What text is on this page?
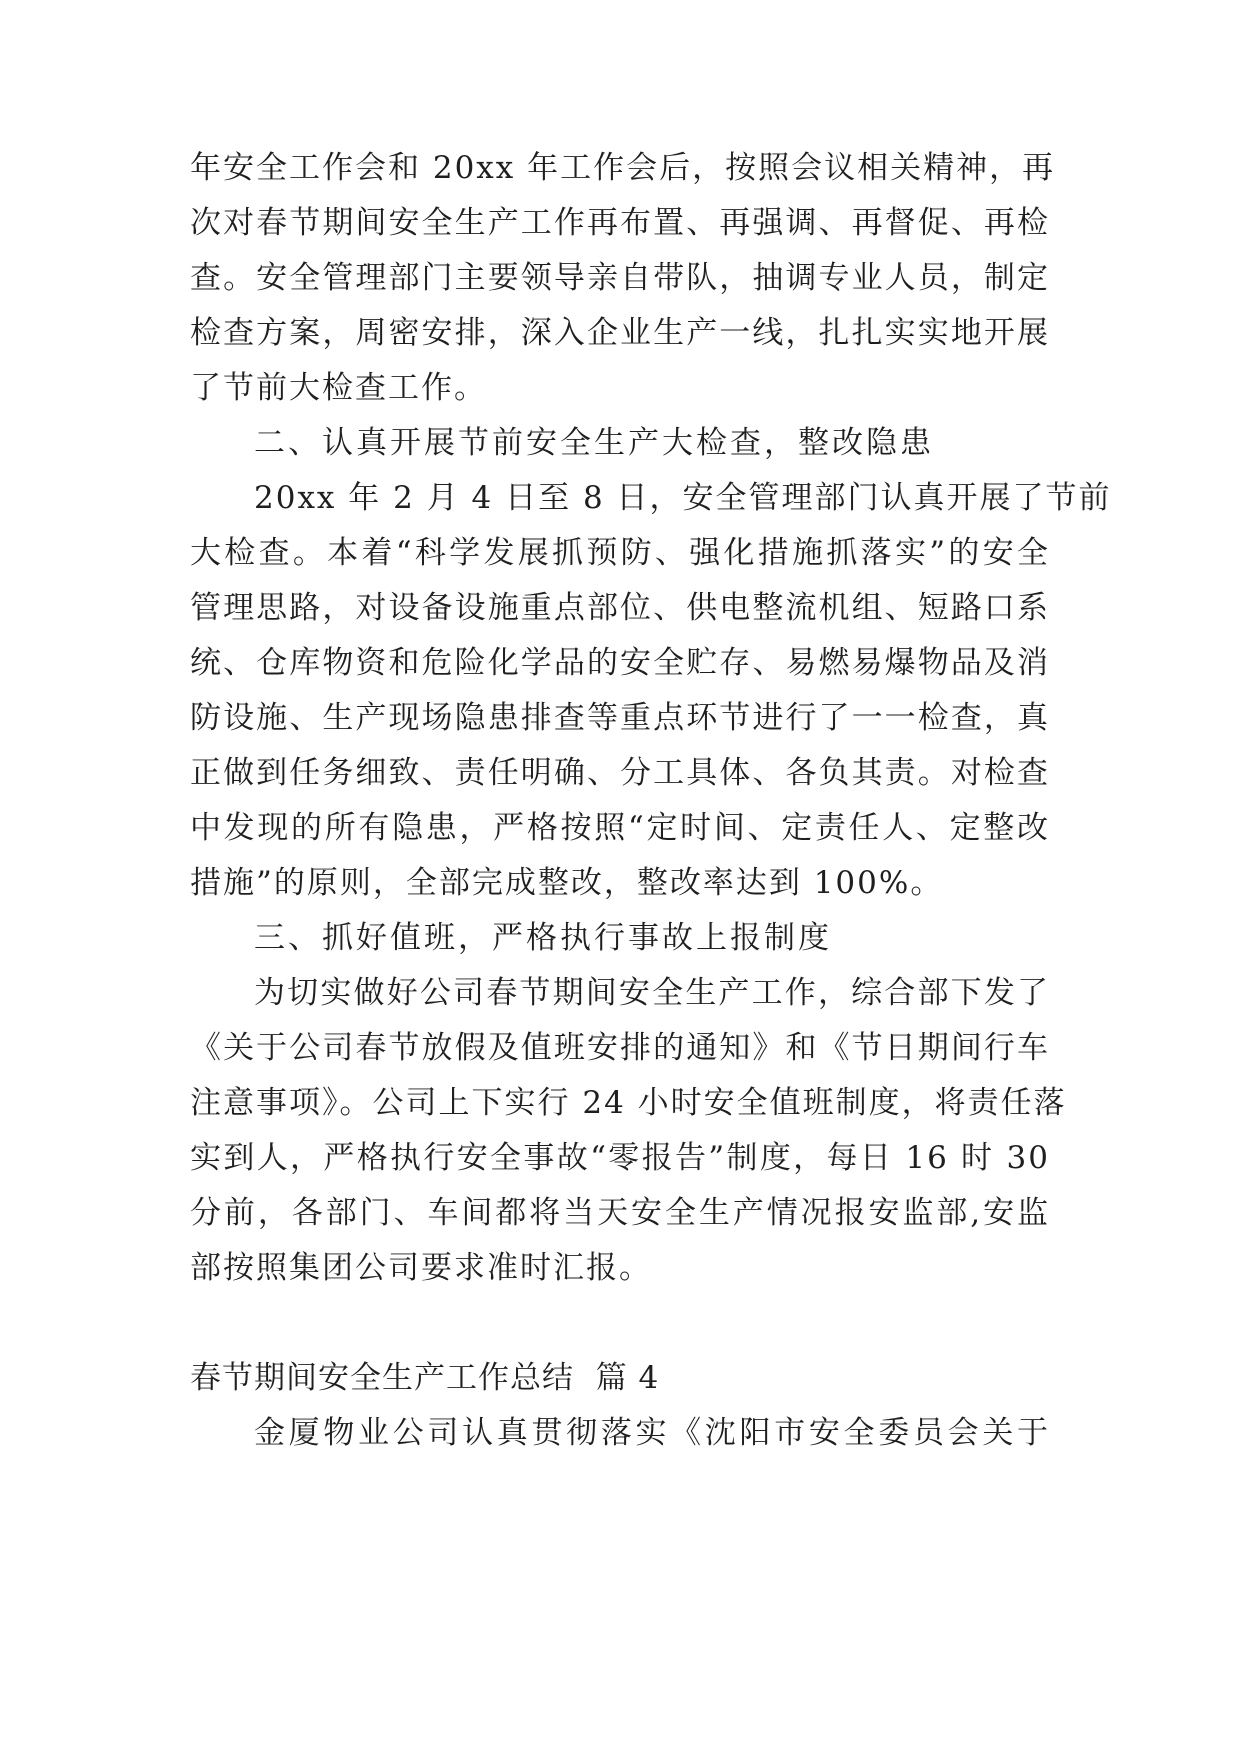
年安全工作会和 20xx 年工作会后，按照会议相关精神，再
次对春节期间安全生产工作再布置、再强调、再督促、再检
查。安全管理部门主要领导亲自带队，抽调专业人员，制定
检查方案，周密安排，深入企业生产一线，扎扎实实地开展
了节前大检查工作。
二、认真开展节前安全生产大检查，整改隐患
20xx 年 2 月 4 日至 8 日，安全管理部门认真开展了节前
大检查。本着“科学发展抓预防、强化措施抓落实”的安全
管理思路，对设备设施重点部位、供电整流机组、短路口系
统、仓库物资和危险化学品的安全贮存、易燃易爆物品及消
防设施、生产现场隐患排查等重点环节进行了一一检查，真
正做到任务细致、责任明确、分工具体、各负其责。对检查
中发现的所有隐患，严格按照“定时间、定责任人、定整改
措施”的原则，全部完成整改，整改率达到 100%。
三、抓好值班，严格执行事故上报制度
为切实做好公司春节期间安全生产工作，综合部下发了
《关于公司春节放假及值班安排的通知》和《节日期间行车
注意事项》。公司上下实行 24 小时安全值班制度，将责任落
实到人，严格执行安全事故“零报告”制度，每日 16 时 30
分前，各部门、车间都将当天安全生产情况报安监部,安监
部按照集团公司要求准时汇报。
春节期间安全生产工作总结  篇 4
金厦物业公司认真贯彻落实《沈阳市安全委员会关于
